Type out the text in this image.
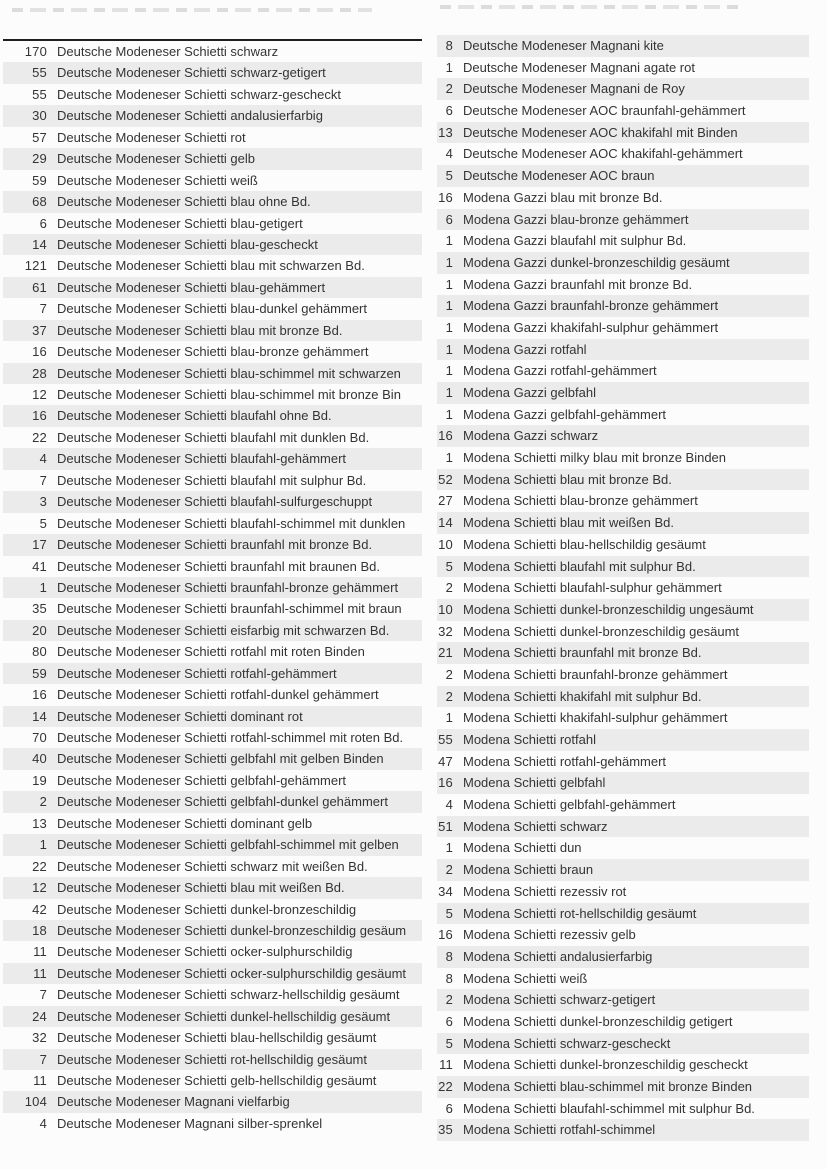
170 Deutsche Modeneser Schietti schwarz
55 Deutsche Modeneser Schietti schwarz-getigert
55 Deutsche Modeneser Schietti schwarz-gescheckt
30 Deutsche Modeneser Schietti andalusierfarbig
57 Deutsche Modeneser Schietti rot
29 Deutsche Modeneser Schietti gelb
59 Deutsche Modeneser Schietti weiß
68 Deutsche Modeneser Schietti blau ohne Bd.
6 Deutsche Modeneser Schietti blau-getigert
14 Deutsche Modeneser Schietti blau-gescheckt
121 Deutsche Modeneser Schietti blau mit schwarzen Bd.
61 Deutsche Modeneser Schietti blau-gehämmert
7 Deutsche Modeneser Schietti blau-dunkel gehämmert
37 Deutsche Modeneser Schietti blau mit bronze Bd.
16 Deutsche Modeneser Schietti blau-bronze gehämmert
28 Deutsche Modeneser Schietti blau-schimmel mit schwarzen
12 Deutsche Modeneser Schietti blau-schimmel mit bronze Bin
16 Deutsche Modeneser Schietti blaufahl ohne Bd.
22 Deutsche Modeneser Schietti blaufahl mit dunklen Bd.
4 Deutsche Modeneser Schietti blaufahl-gehämmert
7 Deutsche Modeneser Schietti blaufahl mit sulphur Bd.
3 Deutsche Modeneser Schietti blaufahl-sulfurgeschuppt
5 Deutsche Modeneser Schietti blaufahl-schimmel mit dunklen
17 Deutsche Modeneser Schietti braunfahl mit bronze Bd.
41 Deutsche Modeneser Schietti braunfahl mit braunen Bd.
1 Deutsche Modeneser Schietti braunfahl-bronze gehämmert
35 Deutsche Modeneser Schietti braunfahl-schimmel mit braun
20 Deutsche Modeneser Schietti eisfarbig mit schwarzen Bd.
80 Deutsche Modeneser Schietti rotfahl mit roten Binden
59 Deutsche Modeneser Schietti rotfahl-gehämmert
16 Deutsche Modeneser Schietti rotfahl-dunkel gehämmert
14 Deutsche Modeneser Schietti dominant rot
70 Deutsche Modeneser Schietti rotfahl-schimmel mit roten Bd.
40 Deutsche Modeneser Schietti gelbfahl mit gelben Binden
19 Deutsche Modeneser Schietti gelbfahl-gehämmert
2 Deutsche Modeneser Schietti gelbfahl-dunkel gehämmert
13 Deutsche Modeneser Schietti dominant gelb
1 Deutsche Modeneser Schietti gelbfahl-schimmel mit gelben
22 Deutsche Modeneser Schietti schwarz mit weißen Bd.
12 Deutsche Modeneser Schietti blau mit weißen Bd.
42 Deutsche Modeneser Schietti dunkel-bronzeschildig
18 Deutsche Modeneser Schietti dunkel-bronzeschildig gesäum
11 Deutsche Modeneser Schietti ocker-sulphurschildig
11 Deutsche Modeneser Schietti ocker-sulphurschildig gesäumt
7 Deutsche Modeneser Schietti schwarz-hellschildig gesäumt
24 Deutsche Modeneser Schietti dunkel-hellschildig gesäumt
32 Deutsche Modeneser Schietti blau-hellschildig gesäumt
7 Deutsche Modeneser Schietti rot-hellschildig gesäumt
11 Deutsche Modeneser Schietti gelb-hellschildig gesäumt
104 Deutsche Modeneser Magnani vielfarbig
4 Deutsche Modeneser Magnani silber-sprenkel
8 Deutsche Modeneser Magnani kite
1 Deutsche Modeneser Magnani agate rot
2 Deutsche Modeneser Magnani de Roy
6 Deutsche Modeneser AOC braunfahl-gehämmert
13 Deutsche Modeneser AOC khakifahl mit Binden
4 Deutsche Modeneser AOC khakifahl-gehämmert
5 Deutsche Modeneser AOC braun
16 Modena Gazzi blau mit bronze Bd.
6 Modena Gazzi blau-bronze gehämmert
1 Modena Gazzi blaufahl mit sulphur Bd.
1 Modena Gazzi dunkel-bronzeschildig gesäumt
1 Modena Gazzi braunfahl mit bronze Bd.
1 Modena Gazzi braunfahl-bronze gehämmert
1 Modena Gazzi khakifahl-sulphur gehämmert
1 Modena Gazzi rotfahl
1 Modena Gazzi rotfahl-gehämmert
1 Modena Gazzi gelbfahl
1 Modena Gazzi gelbfahl-gehämmert
16 Modena Gazzi schwarz
1 Modena Schietti milky blau mit bronze Binden
52 Modena Schietti blau mit bronze Bd.
27 Modena Schietti blau-bronze gehämmert
14 Modena Schietti blau mit weißen Bd.
10 Modena Schietti blau-hellschildig gesäumt
5 Modena Schietti blaufahl mit sulphur Bd.
2 Modena Schietti blaufahl-sulphur gehämmert
10 Modena Schietti dunkel-bronzeschildig ungesäumt
32 Modena Schietti dunkel-bronzeschildig gesäumt
21 Modena Schietti braunfahl mit bronze Bd.
2 Modena Schietti braunfahl-bronze gehämmert
2 Modena Schietti khakifahl mit sulphur Bd.
1 Modena Schietti khakifahl-sulphur gehämmert
55 Modena Schietti rotfahl
47 Modena Schietti rotfahl-gehämmert
16 Modena Schietti gelbfahl
4 Modena Schietti gelbfahl-gehämmert
51 Modena Schietti schwarz
1 Modena Schietti dun
2 Modena Schietti braun
34 Modena Schietti rezessiv rot
5 Modena Schietti rot-hellschildig gesäumt
16 Modena Schietti rezessiv gelb
8 Modena Schietti andalusierfarbig
8 Modena Schietti weiß
2 Modena Schietti schwarz-getigert
6 Modena Schietti dunkel-bronzeschildig getigert
5 Modena Schietti schwarz-gescheckt
11 Modena Schietti dunkel-bronzeschildig gescheckt
22 Modena Schietti blau-schimmel mit bronze Binden
6 Modena Schietti blaufahl-schimmel mit sulphur Bd.
35 Modena Schietti rotfahl-schimmel
